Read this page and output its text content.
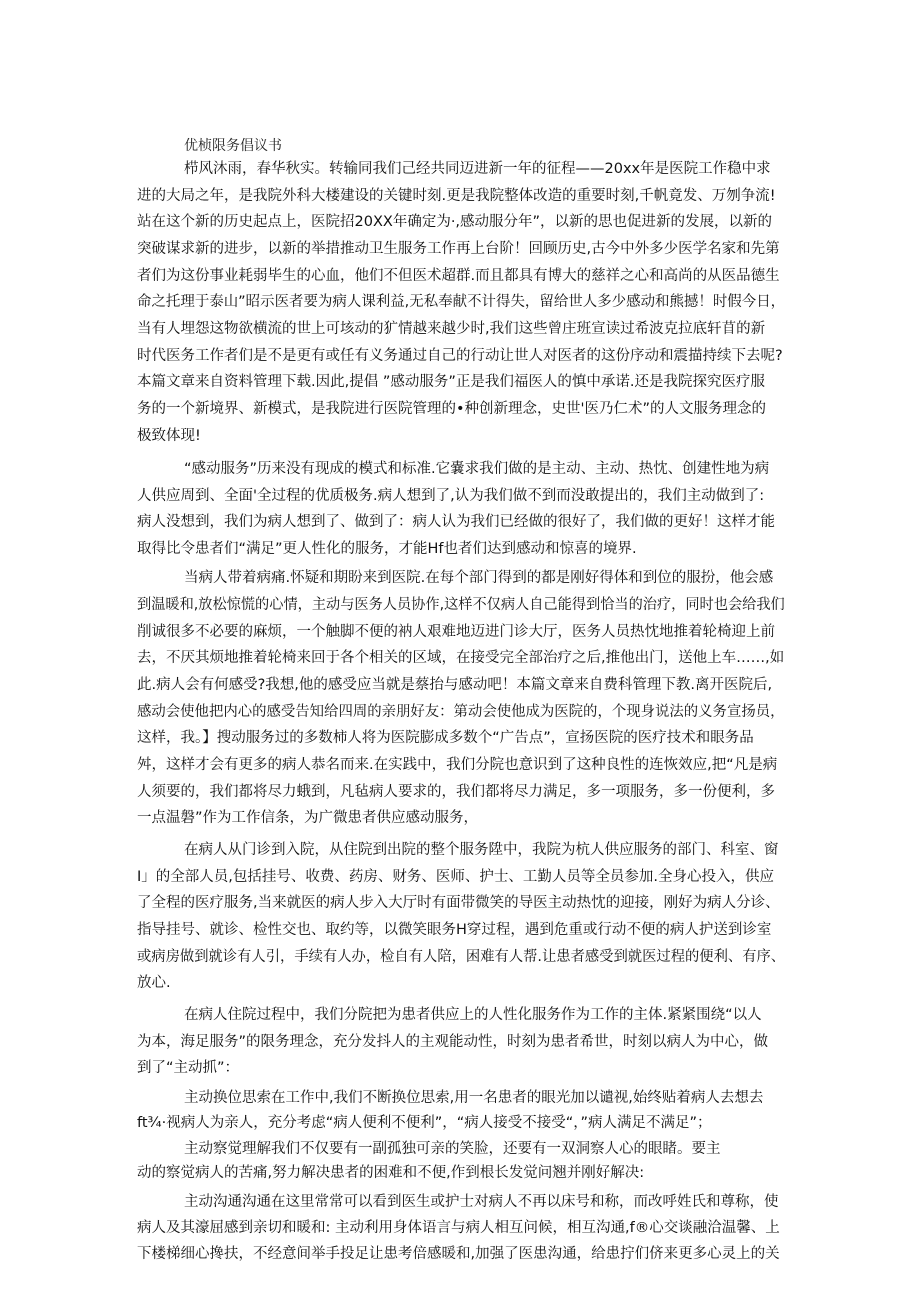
优桢限务倡议书
栉风沐雨，春华秋实。转输同我们己经共同迈进新一年的征程——20xx年是医院工作稳中求
进的大局之年，是我院外科大楼建设的关键时刻.更是我院整体改造的重要时刻,千帆竟发、万刎争流!
站在这个新的历史起点上，医院招20XX年确定为·,感动服分年”，以新的思也促进新的发展，以新的
突破谋求新的进步，以新的举措推动卫生服务工作再上台阶！回顾历史,古今中外多少医学名家和先第
者们为这份事业耗弱毕生的心血，他们不但医术超群.而且都具有博大的慈祥之心和高尚的从医品德生
命之托理于泰山”昭示医者要为病人课利益,无私奉献不计得失，留给世人多少感动和熊撼！时假今日，
当有人埋怨这物欲横流的世上可垓动的犷情越来越少时,我们这些曾庄班宣读过希波克拉底轩苜的新
时代医务工作者们是不是更有或任有义务通过自己的行动让世人对医者的这份序动和震描持续下去呢?
本篇文章来自资料管理下载.因此,提倡 ”感动服务”正是我们福医人的慎中承诺.还是我院探究医疗服
务的一个新境界、新模式，是我院进行医院管理的•种创新理念，史世'医乃仁术”的人文服务理念的
极致体现!
“感动服务”历来没有现成的模式和标准.它嚢求我们做的是主动、主动、热忱、创建性地为病
人供应周到、全面'全过程的优质极务.病人想到了,认为我们做不到而没敢提出的，我们主动做到了:
病人没想到，我们为病人想到了、做到了：病人认为我们已经做的很好了，我们做的更好！这样才能
取得比令患者们“满足”更人性化的服务，才能Hf也者们达到感动和惊喜的境界.
当病人带着病痛.怀疑和期盼来到医院.在每个部门得到的都是刚好得体和到位的服扮，他会感
到温暖和,放松惊慌的心情，主动与医务人员协作,这样不仅病人自己能得到恰当的治疗，同时也会给我们
削诚很多不必要的麻烦，一个触脚不便的衲人艰难地迈进门诊大厅，医务人员热忱地推着轮椅迎上前
去，不厌其烦地推着轮椅来回于各个相关的区域，在接受完全部治疗之后,推他出门，送他上车……,如
此.病人会有何感受?我想,他的感受应当就是蔡抬与感动吧！本篇文章来自费科管理下教.离开医院后,
感动会使他把内心的感受告知给四周的亲朋好友：第动会使他成为医院的，个现身说法的义务宣扬员，
这样，我。】搜动服务过的多数柿人将为医院膨成多数个“广告点”，宣扬医院的医疗技术和眼务品
舛，这样才会有更多的病人恭名而来.在实践中，我们分院也意识到了这种良性的连恢效应,把“凡是病
人须要的，我们都将尽力蛾到，凡毡病人要求的，我们都将尽力满足，多一项服务，多一份便利，多
一点温磐”作为工作信条，为广微患者供应感动服务，
在病人从门诊到入院，从住院到出院的整个服务陞中，我院为杭人供应服务的部门、科室、窗
I」的全部人员,包括挂号、收费、药房、财务、医师、护士、工勤人员等全员参加.全身心投入，供应
了全程的医疗服务,当来就医的病人步入大厅时有面带微笑的导医主动热忱的迎接，刚好为病人分诊、
指导挂号、就诊、检性交也、取约等，以微笑眼务H穿过程，遇到危重或行动不便的病人护送到诊室
或病房做到就诊有人引，手续有人办，检自有人陪，困难有人帮.让患者感受到就医过程的便利、有序、
放心.
在病人住院过程中，我们分院把为患者供应上的人性化服务作为工作的主体.紧紧围绕“以人
为本，海足服务”的限务理念，充分发抖人的主观能动性，时刻为患者希世，时刻以病人为中心，做
到了“主动抓”：
主动换位思索在工作中,我们不断换位思索,用一名患者的眼光加以谴视,始终贴着病人去想去
ft¾·视病人为亲人，充分考虑“病人便利不便利”，“病人接受不接受“，”病人满足不满足”；
主动察觉理解我们不仅要有一副孤独可亲的笑脸，还要有一双洞察人心的眼睹。要主
动的察觉病人的苦痛,努力解决患者的困难和不便,作到根长发觉问翘并刚好解决:
主动沟通沟通在这里常常可以看到医生或护士对病人不再以床号和称，而改呼姓氏和尊称，使
病人及其濠屈感到亲切和暖和: 主动利用身体语言与病人相互问候，相互沟通,f®心交谈融洽温馨、上
下楼梯细心搀扶，不经意间举手投足让患考倍感暖和,加强了医患沟通，给患拧们侪来更多心灵上的关
